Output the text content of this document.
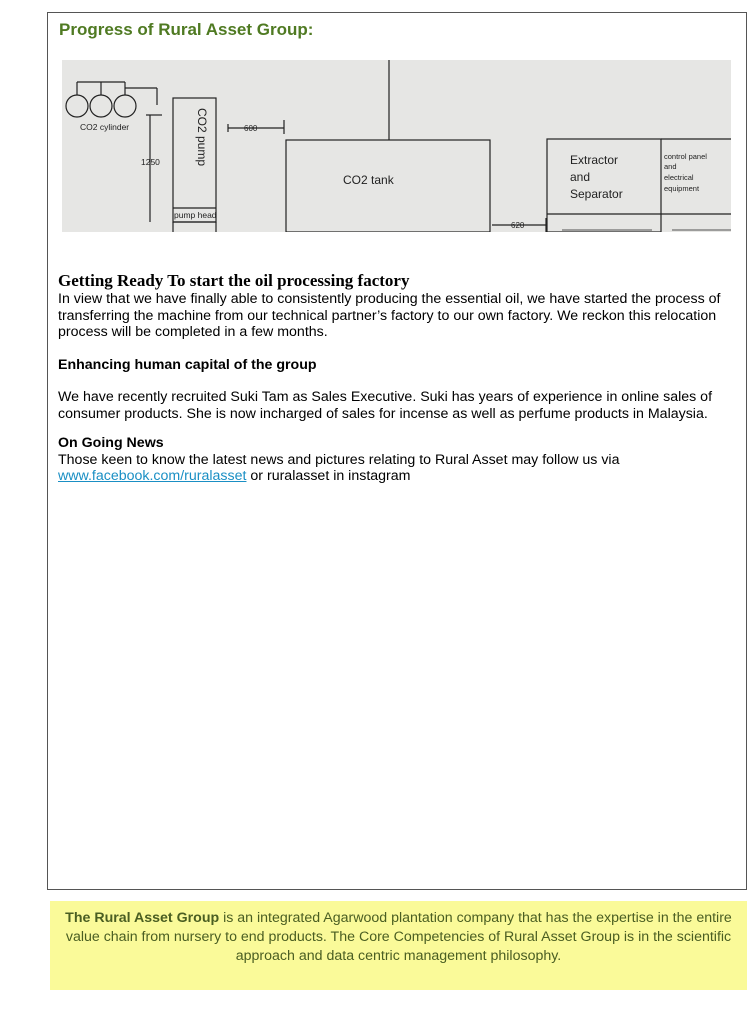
Progress of Rural Asset Group:
CO2 cylinder
1250	CO2 pump
pump head
600
CO2 tank
620
Extractor
and
Separator
control panel
and
electrical
equipment

Getting Ready To start the oil processing factory

In view that we have finally able to consistently producing the essential oil, we have started the process of transferring the machine from our technical partner’s factory to our own factory. We reckon this relocation process will be completed in a few months.

Enhancing human capital of the group

We have recently recruited Suki Tam as Sales Executive. Suki has years of experience in online sales of consumer products. She is now incharged of sales for incense as well as perfume products in Malaysia.

On Going News

Those keen to know the latest news and pictures relating to Rural Asset may follow us via
www.facebook.com/ruralasset or ruralasset in instagram

The Rural Asset Group is an integrated Agarwood plantation company that has the expertise in the entire value chain from nursery to end products. The Core Competencies of Rural Asset Group is in the scientific approach and data centric management philosophy.
